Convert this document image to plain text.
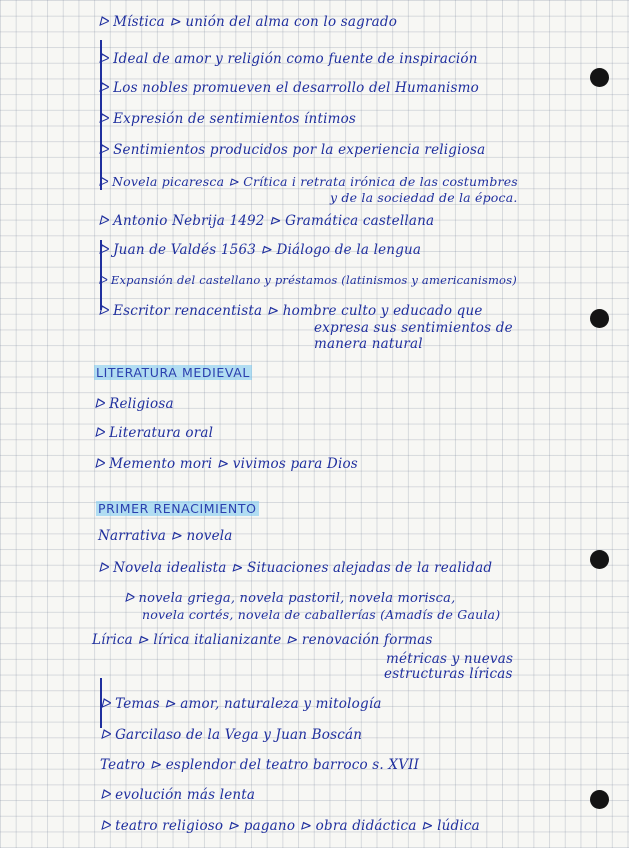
ᐅ Mística ⊳ unión del alma con lo sagrado
ᐅ Ideal de amor y religión como fuente de inspiración
ᐅ Los nobles promueven el desarrollo del Humanismo
ᐅ Expresión de sentimientos íntimos
ᐅ Sentimientos producidos por la experiencia religiosa
ᐅ Novela picaresca ⊳ Crítica i retrata irónica de las costumbres
y de la sociedad de la época.
ᐅ Antonio Nebrija 1492 ⊳ Gramática castellana
ᐅ Juan de Valdés 1563 ⊳ Diálogo de la lengua
ᐅ Expansión del castellano y préstamos (latinismos y americanismos)
ᐅ Escritor renacentista ⊳ hombre culto y educado que
expresa sus sentimientos de
manera natural
LITERATURA MEDIEVAL
ᐅ Religiosa
ᐅ Literatura oral
ᐅ Memento mori ⊳ vivimos para Dios
PRIMER RENACIMIENTO
Narrativa ⊳ novela
ᐅ Novela idealista ⊳ Situaciones alejadas de la realidad
ᐅ novela griega, novela pastoril, novela morisca,
novela cortés, novela de caballerías (Amadís de Gaula)
Lírica ⊳ lírica italianizante ⊳ renovación formas
métricas y nuevas
estructuras líricas
ᐅ Temas ⊳ amor, naturaleza y mitología
ᐅ Garcilaso de la Vega y Juan Boscán
Teatro ⊳ esplendor del teatro barroco s. XVII
ᐅ evolución más lenta
ᐅ teatro religioso ⊳ pagano ⊳ obra didáctica ⊳ lúdica
